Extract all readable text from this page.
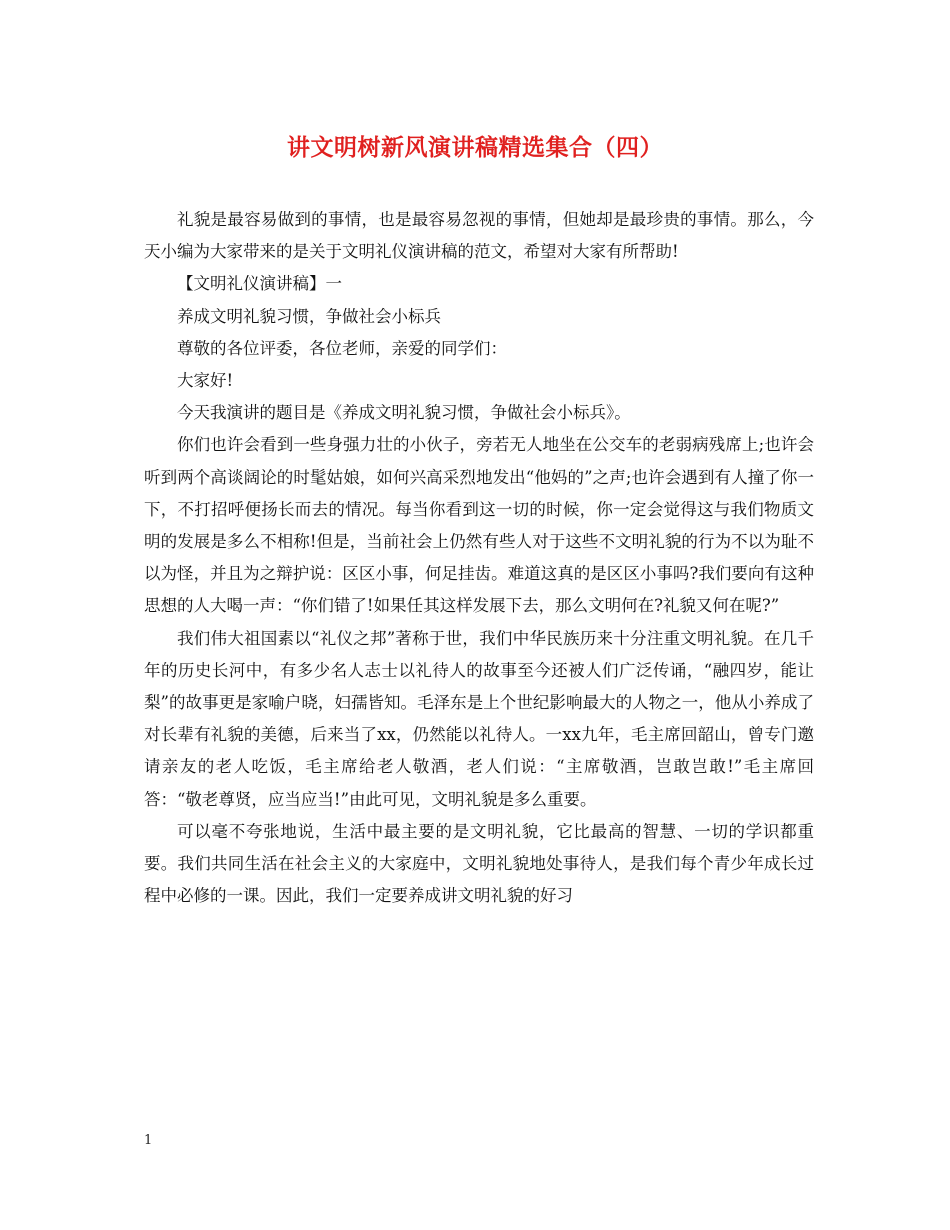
讲文明树新风演讲稿精选集合（四）

礼貌是最容易做到的事情，也是最容易忽视的事情，但她却是最珍贵的事情。那么，今天小编为大家带来的是关于文明礼仪演讲稿的范文，希望对大家有所帮助!

【文明礼仪演讲稿】一

养成文明礼貌习惯，争做社会小标兵

尊敬的各位评委，各位老师，亲爱的同学们：

大家好!

今天我演讲的题目是《养成文明礼貌习惯，争做社会小标兵》。

你们也许会看到一些身强力壮的小伙子，旁若无人地坐在公交车的老弱病残席上;也许会听到两个高谈阔论的时髦姑娘，如何兴高采烈地发出“他妈的”之声;也许会遇到有人撞了你一下，不打招呼便扬长而去的情况。每当你看到这一切的时候，你一定会觉得这与我们物质文明的发展是多么不相称!但是，当前社会上仍然有些人对于这些不文明礼貌的行为不以为耻不以为怪，并且为之辩护说：区区小事，何足挂齿。难道这真的是区区小事吗?我们要向有这种思想的人大喝一声：“你们错了!如果任其这样发展下去，那么文明何在?礼貌又何在呢?”

我们伟大祖国素以“礼仪之邦”著称于世，我们中华民族历来十分注重文明礼貌。在几千年的历史长河中，有多少名人志士以礼待人的故事至今还被人们广泛传诵，“融四岁，能让梨”的故事更是家喻户晓，妇孺皆知。毛泽东是上个世纪影响最大的人物之一，他从小养成了对长辈有礼貌的美德，后来当了xx，仍然能以礼待人。一xx九年，毛主席回韶山，曾专门邀请亲友的老人吃饭，毛主席给老人敬酒，老人们说：“主席敬酒，岂敢岂敢!”毛主席回答：“敬老尊贤，应当应当!”由此可见，文明礼貌是多么重要。

可以毫不夸张地说，生活中最主要的是文明礼貌，它比最高的智慧、一切的学识都重要。我们共同生活在社会主义的大家庭中，文明礼貌地处事待人，是我们每个青少年成长过程中必修的一课。因此，我们一定要养成讲文明礼貌的好习

1
